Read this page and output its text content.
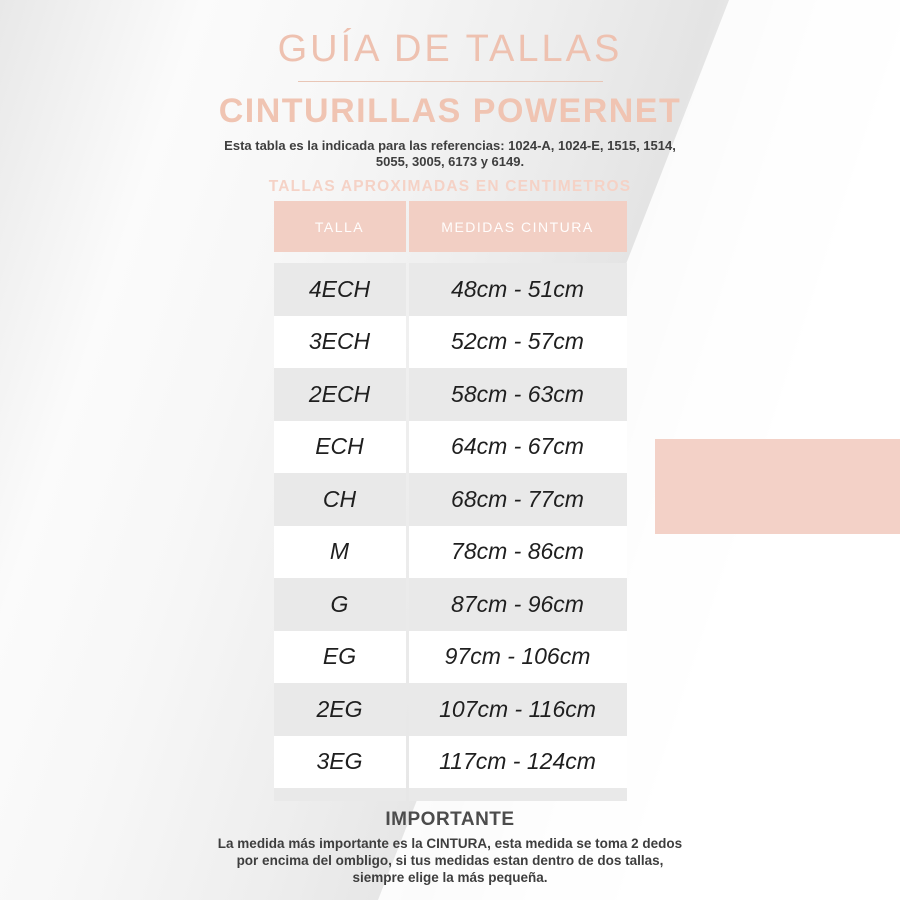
GUÍA DE TALLAS
CINTURILLAS POWERNET

Esta tabla es la indicada para las referencias: 1024-A, 1024-E, 1515, 1514, 5055, 3005, 6173 y 6149.

TALLAS APROXIMADAS EN CENTIMETROS
TALLA	MEDIDAS CINTURA
4ECH	48cm - 51cm
3ECH	52cm - 57cm
2ECH	58cm - 63cm
ECH	64cm - 67cm
CH	68cm - 77cm
M	78cm - 86cm
G	87cm - 96cm
EG	97cm - 106cm
2EG	107cm - 116cm
3EG	117cm - 124cm
IMPORTANTE

La medida más importante es la CINTURA, esta medida se toma 2 dedos por encima del ombligo, si tus medidas estan dentro de dos tallas, siempre elige la más pequeña.
